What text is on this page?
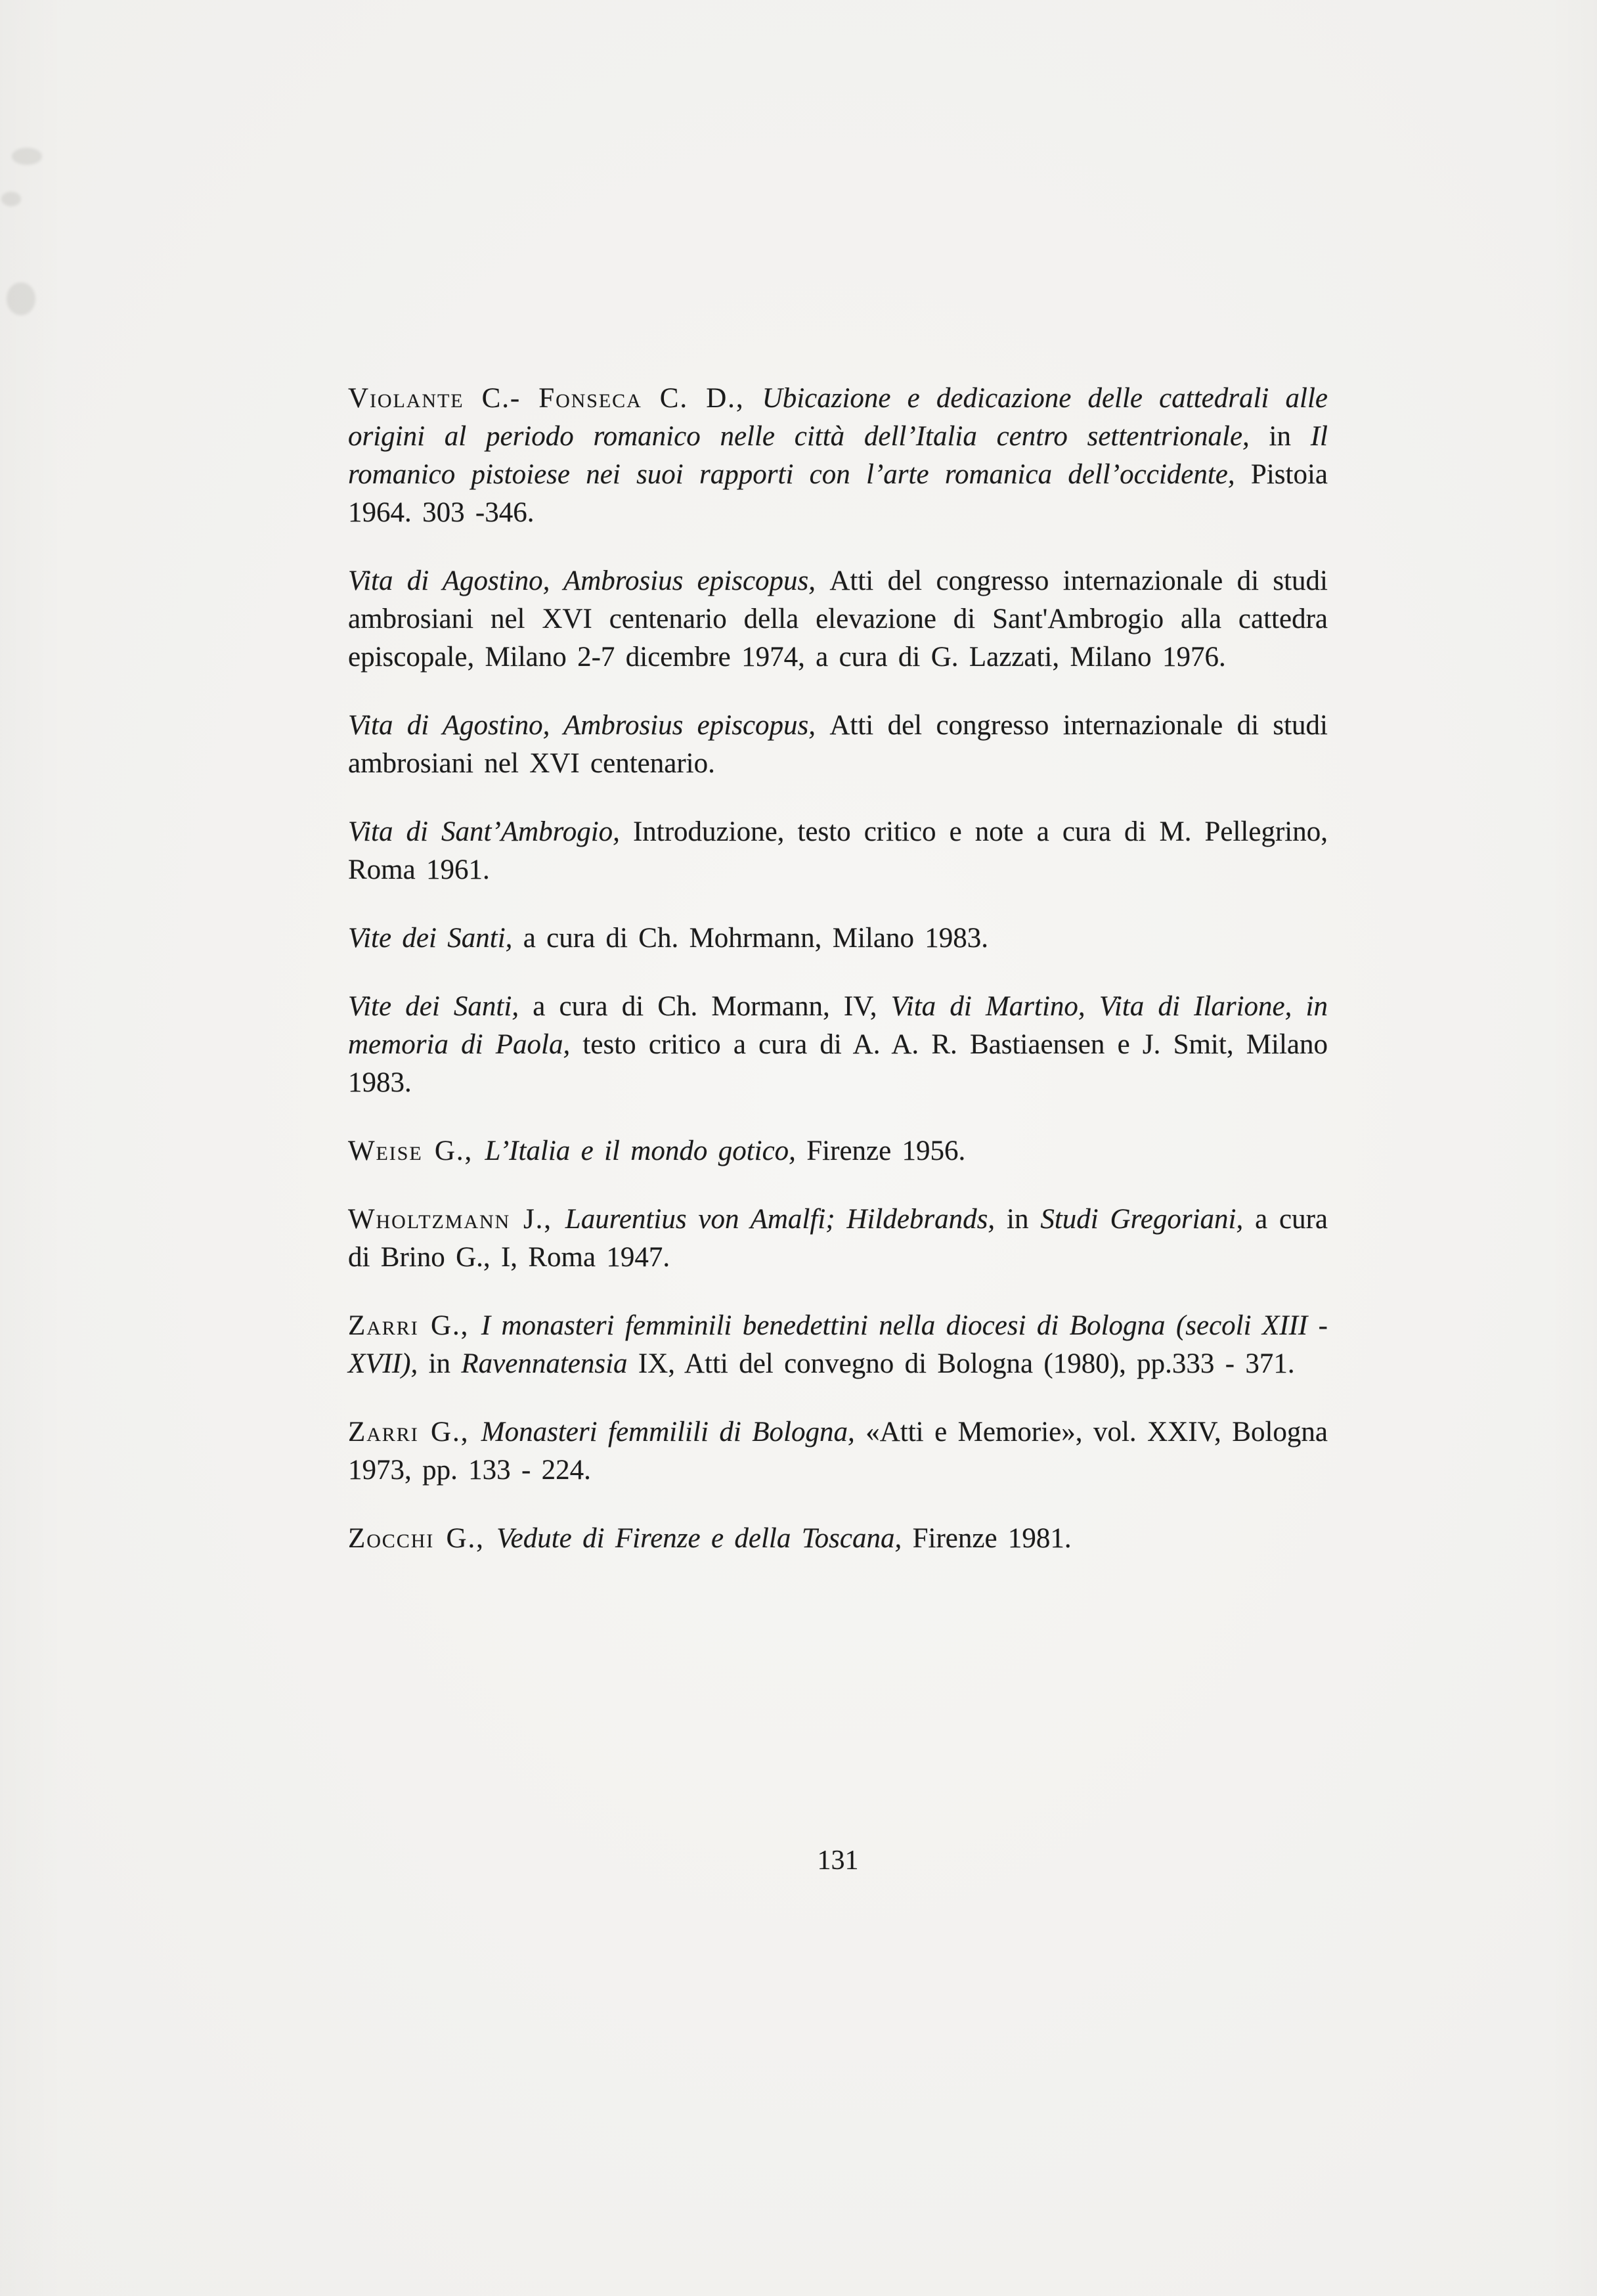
Violante C.- Fonseca C. D., Ubicazione e dedicazione delle cattedrali alle origini al periodo romanico nelle città dell’Italia centro settentrionale, in Il romanico pistoiese nei suoi rapporti con l’arte romanica dell’occidente, Pistoia 1964. 303 -346.

Vita di Agostino, Ambrosius episcopus, Atti del congresso internazionale di studi ambrosiani nel XVI centenario della elevazione di Sant'Ambrogio alla cattedra episcopale, Milano 2-7 dicembre 1974, a cura di G. Lazzati, Milano 1976.

Vita di Agostino, Ambrosius episcopus, Atti del congresso internazionale di studi ambrosiani nel XVI centenario.

Vita di Sant’Ambrogio, Introduzione, testo critico e note a cura di M. Pellegrino, Roma 1961.

Vite dei Santi, a cura di Ch. Mohrmann, Milano 1983.

Vite dei Santi, a cura di Ch. Mormann, IV, Vita di Martino, Vita di Ilarione, in memoria di Paola, testo critico a cura di A. A. R. Bastiaensen e J. Smit, Milano 1983.

Weise G., L’Italia e il mondo gotico, Firenze 1956.

Wholtzmann J., Laurentius von Amalfi; Hildebrands, in Studi Gregoriani, a cura di Brino G., I, Roma 1947.

Zarri G., I monasteri femminili benedettini nella diocesi di Bologna (secoli XIII - XVII), in Ravennatensia IX, Atti del convegno di Bologna (1980), pp.333 - 371.

Zarri G., Monasteri femmilili di Bologna, «Atti e Memorie», vol. XXIV, Bologna 1973, pp. 133 - 224.

Zocchi G., Vedute di Firenze e della Toscana, Firenze 1981.

131
